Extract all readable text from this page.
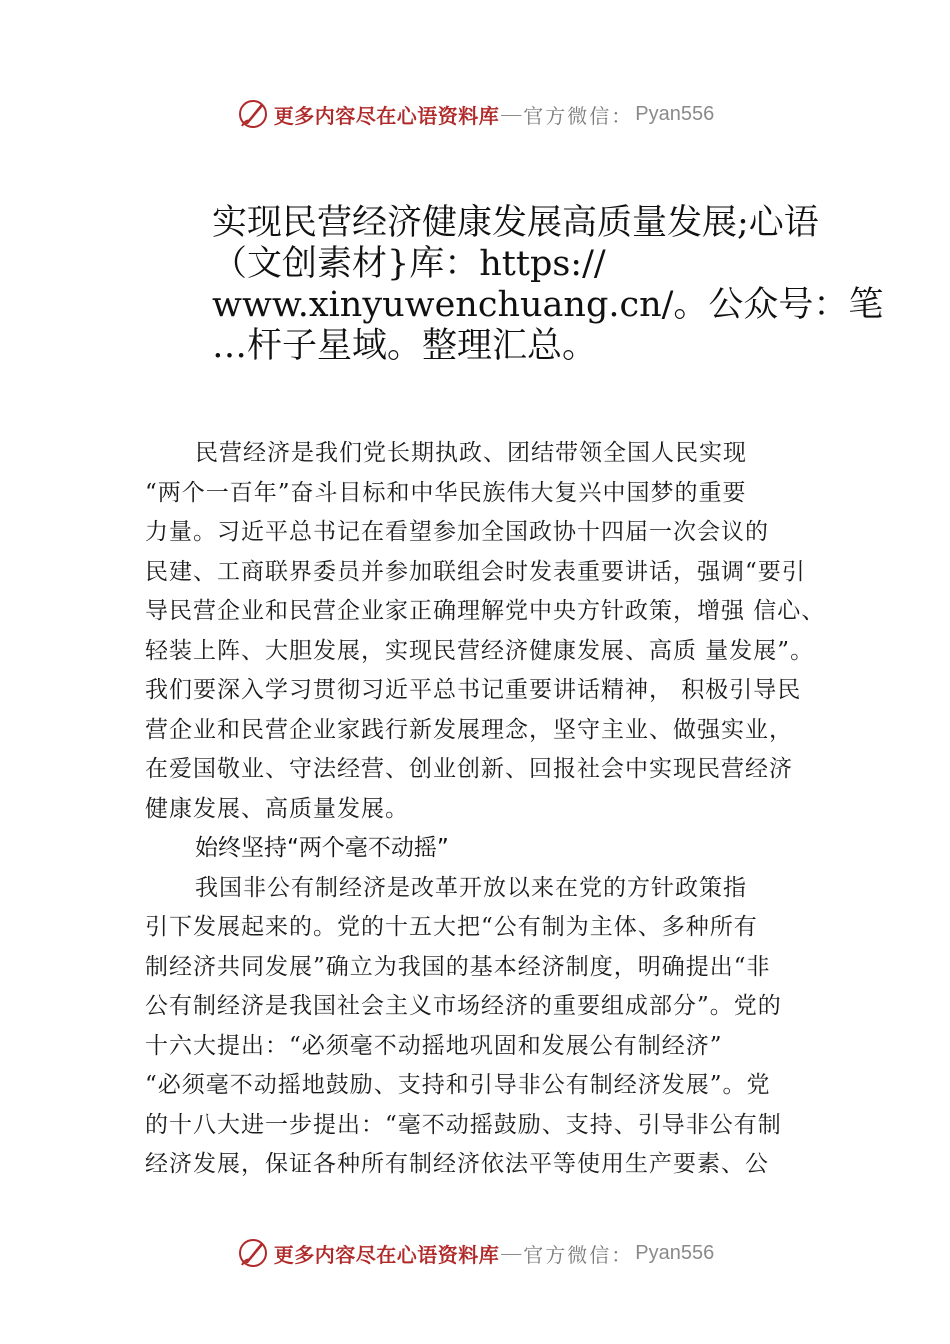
更多内容尽在心语资料库 — 官方微信： Pyan556
实现民营经济健康发展高质量发展;心语
（文创素材}库：https://
www.xinyuwenchuang.cn/。公众号：笔
…杆子星域。整理汇总。
民营经济是我们党长期执政、团结带领全国人民实现
“两个一百年”奋斗目标和中华民族伟大复兴中国梦的重要
力量。习近平总书记在看望参加全国政协十四届一次会议的
民建、工商联界委员并参加联组会时发表重要讲话，强调“要引
导民营企业和民营企业家正确理解党中央方针政策，增强 信心、
轻装上阵、大胆发展，实现民营经济健康发展、高质 量发展”。
我们要深入学习贯彻习近平总书记重要讲话精神， 积极引导民
营企业和民营企业家践行新发展理念，坚守主业、做强实业，
在爱国敬业、守法经营、创业创新、回报社会中实现民营经济
健康发展、高质量发展。
始终坚持“两个毫不动摇”
我国非公有制经济是改革开放以来在党的方针政策指
引下发展起来的。党的十五大把“公有制为主体、多种所有
制经济共同发展”确立为我国的基本经济制度，明确提出“非
公有制经济是我国社会主义市场经济的重要组成部分”。党的
十六大提出：“必须毫不动摇地巩固和发展公有制经济”
“必须毫不动摇地鼓励、支持和引导非公有制经济发展”。党
的十八大进一步提出：“毫不动摇鼓励、支持、引导非公有制
经济发展，保证各种所有制经济依法平等使用生产要素、公
更多内容尽在心语资料库 — 官方微信： Pyan556
